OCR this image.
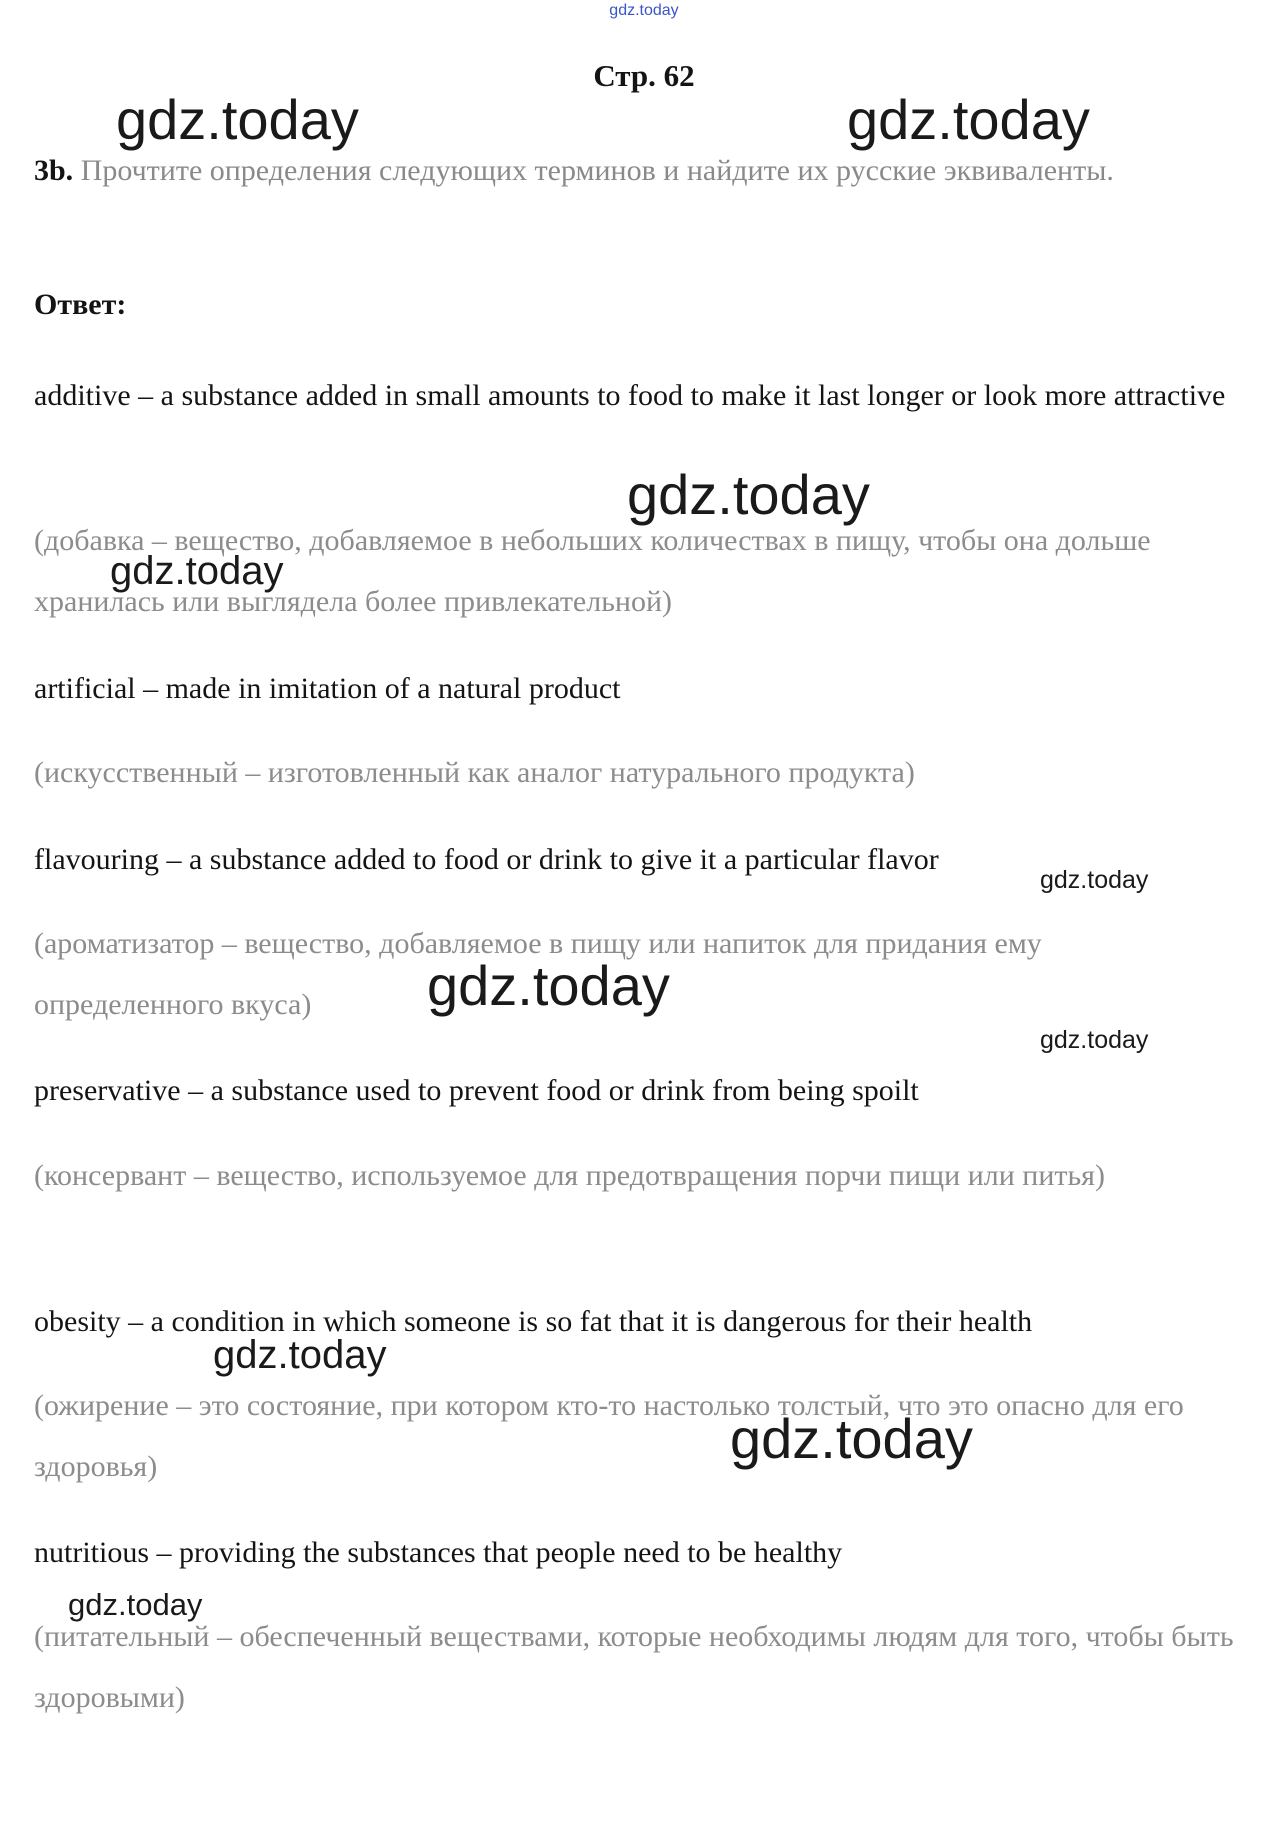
gdz.today
Стр. 62
3b. Прочтите определения следующих терминов и найдите их русские эквиваленты.
Ответ:
additive – a substance added in small amounts to food to make it last longer or look more attractive
(добавка – вещество, добавляемое в небольших количествах в пищу, чтобы она дольше хранилась или выглядела более привлекательной)
artificial – made in imitation of a natural product
(искусственный – изготовленный как аналог натурального продукта)
flavouring – a substance added to food or drink to give it a particular flavor
(ароматизатор – вещество, добавляемое в пищу или напиток для придания ему определенного вкуса)
preservative – a substance used to prevent food or drink from being spoilt
(консервант – вещество, используемое для предотвращения порчи пищи или питья)
obesity – a condition in which someone is so fat that it is dangerous for their health
(ожирение – это состояние, при котором кто-то настолько толстый, что это опасно для его здоровья)
nutritious – providing the substances that people need to be healthy
(питательный – обеспеченный веществами, которые необходимы людям для того, чтобы быть здоровыми)
gdz.today	gdz.today
gdz.today
gdz.today
gdz.today
gdz.today
gdz.today
gdz.today
gdz.today
gdz.today
